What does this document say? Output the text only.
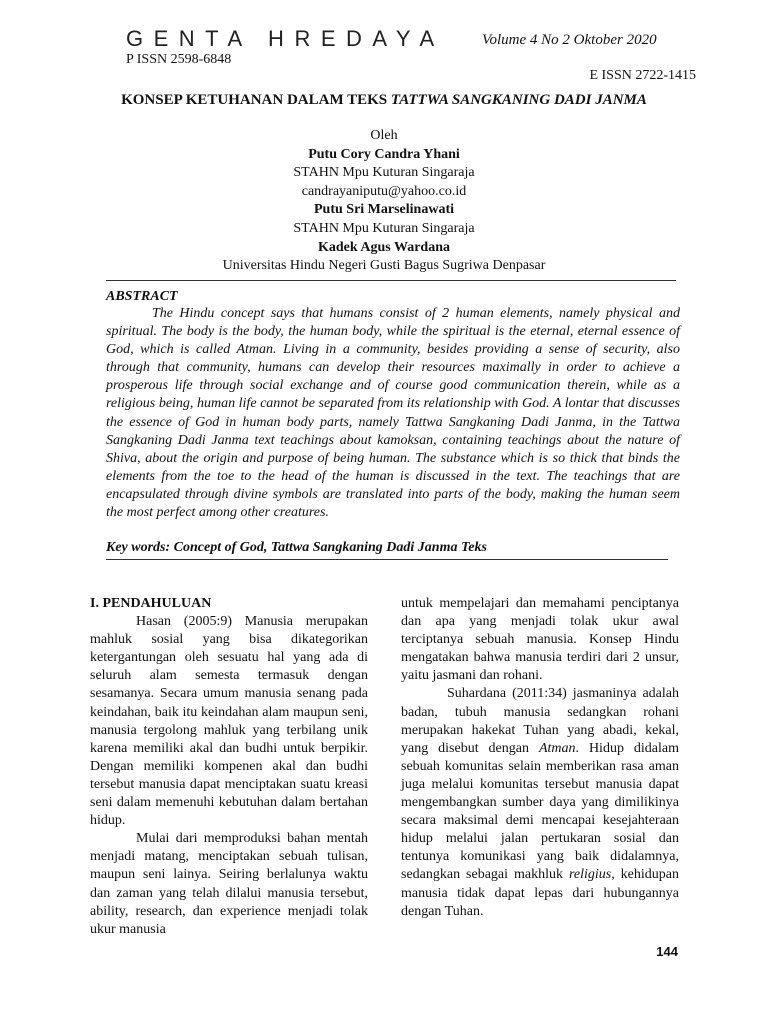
GENTA HREDAYA Volume 4 No 2 Oktober 2020
P ISSN 2598-6848
E ISSN 2722-1415
KONSEP KETUHANAN DALAM TEKS TATTWA SANGKANING DADI JANMA
Oleh
Putu Cory Candra Yhani
STAHN Mpu Kuturan Singaraja
candrayaniputu@yahoo.co.id
Putu Sri Marselinawati
STAHN Mpu Kuturan Singaraja
Kadek Agus Wardana
Universitas Hindu Negeri Gusti Bagus Sugriwa Denpasar
ABSTRACT

The Hindu concept says that humans consist of 2 human elements, namely physical and spiritual. The body is the body, the human body, while the spiritual is the eternal, eternal essence of God, which is called Atman. Living in a community, besides providing a sense of security, also through that community, humans can develop their resources maximally in order to achieve a prosperous life through social exchange and of course good communication therein, while as a religious being, human life cannot be separated from its relationship with God. A lontar that discusses the essence of God in human body parts, namely Tattwa Sangkaning Dadi Janma, in the Tattwa Sangkaning Dadi Janma text teachings about kamoksan, containing teachings about the nature of Shiva, about the origin and purpose of being human. The substance which is so thick that binds the elements from the toe to the head of the human is discussed in the text. The teachings that are encapsulated through divine symbols are translated into parts of the body, making the human seem the most perfect among other creatures.

Key words: Concept of God, Tattwa Sangkaning Dadi Janma Teks
I. PENDAHULUAN

Hasan (2005:9) Manusia merupakan mahluk sosial yang bisa dikategorikan ketergantungan oleh sesuatu hal yang ada di seluruh alam semesta termasuk dengan sesamanya. Secara umum manusia senang pada keindahan, baik itu keindahan alam maupun seni, manusia tergolong mahluk yang terbilang unik karena memiliki akal dan budhi untuk berpikir. Dengan memiliki kompenen akal dan budhi tersebut manusia dapat menciptakan suatu kreasi seni dalam memenuhi kebutuhan dalam bertahan hidup.

Mulai dari memproduksi bahan mentah menjadi matang, menciptakan sebuah tulisan, maupun seni lainya. Seiring berlalunya waktu dan zaman yang telah dilalui manusia tersebut, ability, research, dan experience menjadi tolak ukur manusia

untuk mempelajari dan memahami penciptanya dan apa yang menjadi tolak ukur awal terciptanya sebuah manusia. Konsep Hindu mengatakan bahwa manusia terdiri dari 2 unsur, yaitu jasmani dan rohani.

Suhardana (2011:34) jasmaninya adalah badan, tubuh manusia sedangkan rohani merupakan hakekat Tuhan yang abadi, kekal, yang disebut dengan Atman. Hidup didalam sebuah komunitas selain memberikan rasa aman juga melalui komunitas tersebut manusia dapat mengembangkan sumber daya yang dimilikinya secara maksimal demi mencapai kesejahteraan hidup melalui jalan pertukaran sosial dan tentunya komunikasi yang baik didalamnya, sedangkan sebagai makhluk religius, kehidupan manusia tidak dapat lepas dari hubungannya dengan Tuhan.

144
